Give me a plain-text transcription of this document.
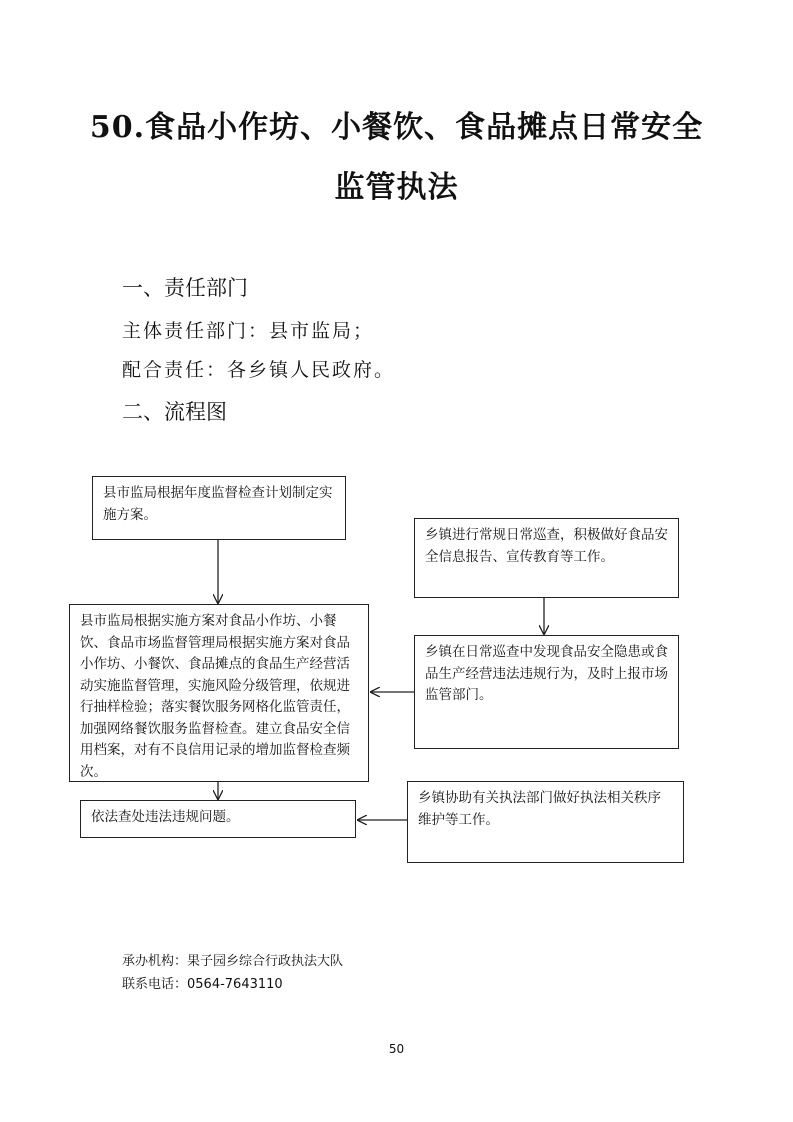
50.食品小作坊、小餐饮、食品摊点日常安全
监管执法
一、责任部门
主体责任部门：县市监局；
配合责任：各乡镇人民政府。
二、流程图
县市监局根据年度监督检查计划制定实施方案。
县市监局根据实施方案对食品小作坊、小餐饮、食品市场监督管理局根据实施方案对食品小作坊、小餐饮、食品摊点的食品生产经营活动实施监督管理，实施风险分级管理，依规进行抽样检验；落实餐饮服务网格化监管责任，加强网络餐饮服务监督检查。建立食品安全信用档案，对有不良信用记录的增加监督检查频次。
依法查处违法违规问题。
乡镇进行常规日常巡查，积极做好食品安全信息报告、宣传教育等工作。
乡镇在日常巡查中发现食品安全隐患或食品生产经营违法违规行为，及时上报市场监管部门。
乡镇协助有关执法部门做好执法相关秩序维护等工作。
承办机构：果子园乡综合行政执法大队
联系电话：0564-7643110
50
